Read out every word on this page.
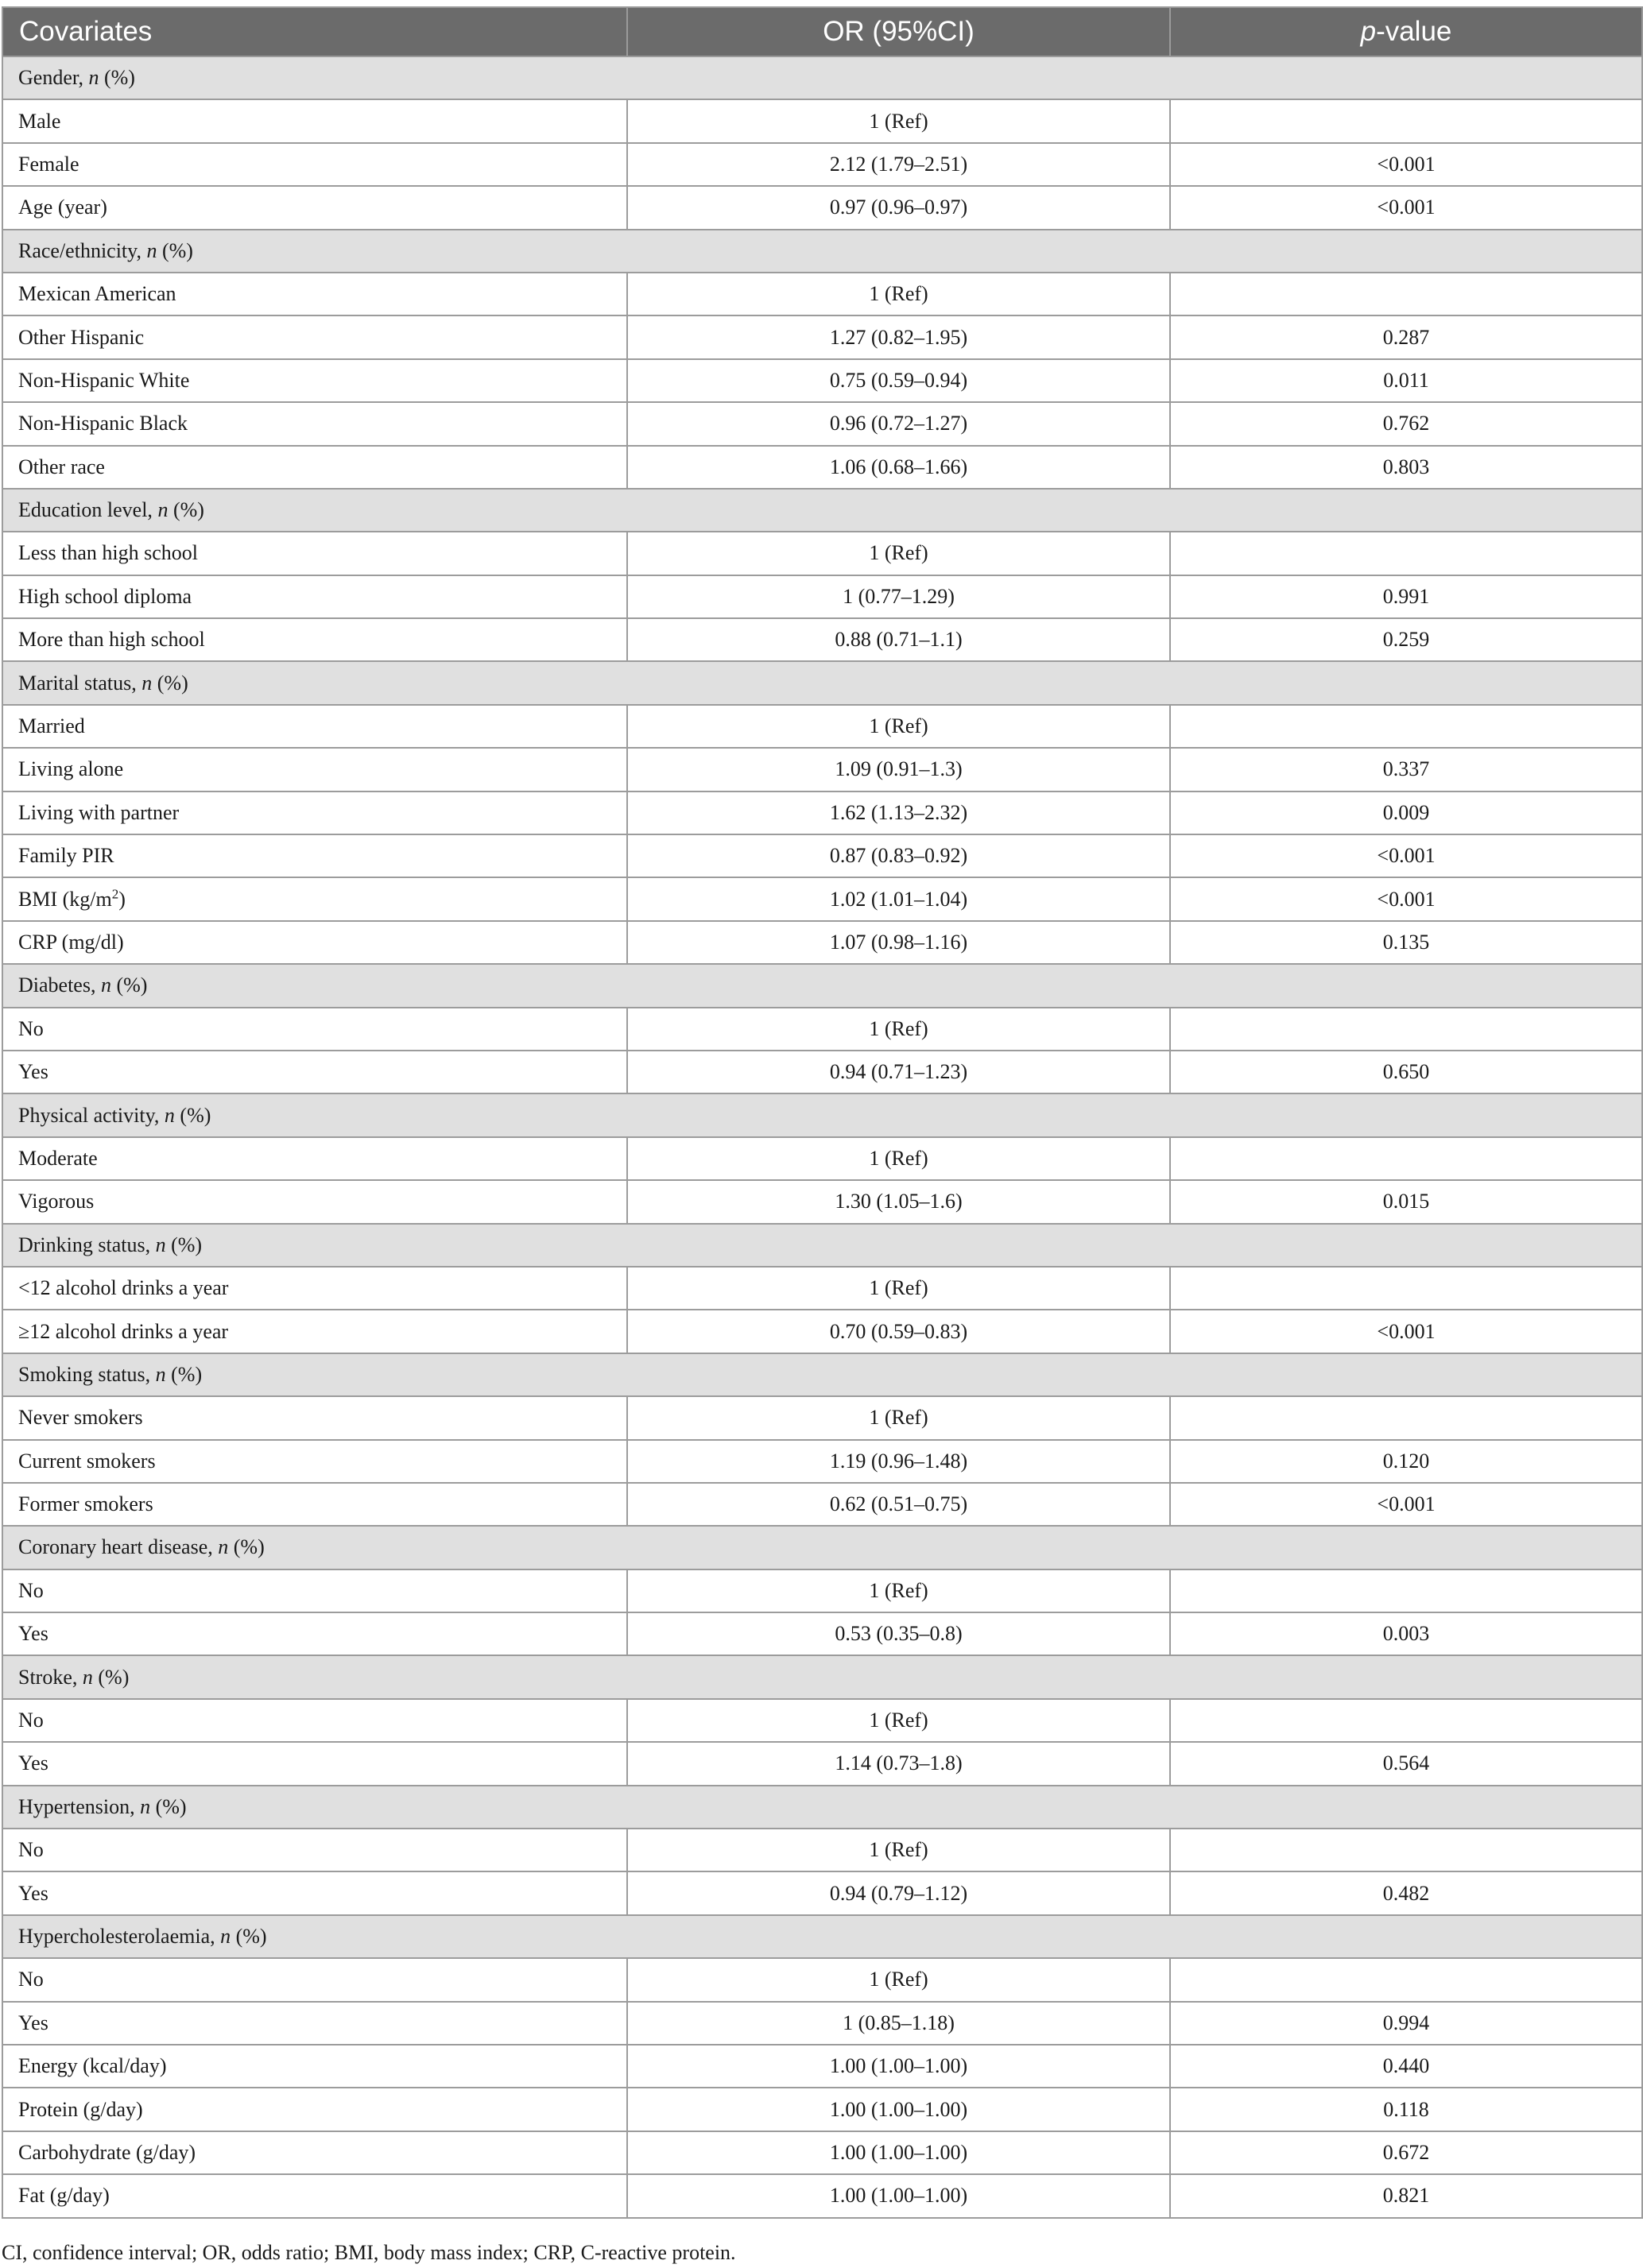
Covariates	OR (95%CI)	p-value
Gender, n (%)		
Male	1 (Ref)	
Female	2.12 (1.79–2.51)	<0.001
Age (year)	0.97 (0.96–0.97)	<0.001
Race/ethnicity, n (%)		
Mexican American	1 (Ref)	
Other Hispanic	1.27 (0.82–1.95)	0.287
Non-Hispanic White	0.75 (0.59–0.94)	0.011
Non-Hispanic Black	0.96 (0.72–1.27)	0.762
Other race	1.06 (0.68–1.66)	0.803
Education level, n (%)		
Less than high school	1 (Ref)	
High school diploma	1 (0.77–1.29)	0.991
More than high school	0.88 (0.71–1.1)	0.259
Marital status, n (%)		
Married	1 (Ref)	
Living alone	1.09 (0.91–1.3)	0.337
Living with partner	1.62 (1.13–2.32)	0.009
Family PIR	0.87 (0.83–0.92)	<0.001
BMI $(kg/m^2)$	1.02 (1.01–1.04)	<0.001
CRP (mg/dl)	1.07 (0.98–1.16)	0.135
Diabetes, n (%)		
No	1 (Ref)	
Yes	0.94 (0.71–1.23)	0.650
Physical activity, n (%)		
Moderate	1 (Ref)	
Vigorous	1.30 (1.05–1.6)	0.015
Drinking status, n (%)		
<12 alcohol drinks a year	1 (Ref)	
≥12 alcohol drinks a year	0.70 (0.59–0.83)	<0.001
Smoking status, n (%)		
Never smokers	1 (Ref)	
Current smokers	1.19 (0.96–1.48)	0.120
Former smokers	0.62 (0.51–0.75)	<0.001
Coronary heart disease, n (%)		
No	1 (Ref)	
Yes	0.53 (0.35–0.8)	0.003
Stroke, n (%)		
No	1 (Ref)	
Yes	1.14 (0.73–1.8)	0.564
Hypertension, n (%)		
No	1 (Ref)	
Yes	0.94 (0.79–1.12)	0.482
Hypercholesterolaemia, n (%)		
No	1 (Ref)	
Yes	1 (0.85–1.18)	0.994
Energy (kcal/day)	1.00 (1.00–1.00)	0.440
Protein (g/day)	1.00 (1.00–1.00)	0.118
Carbohydrate (g/day)	1.00 (1.00–1.00)	0.672
Fat (g/day)	1.00 (1.00–1.00)	0.821
CI, confidence interval; OR, odds ratio; BMI, body mass index; CRP, C-reactive protein.
